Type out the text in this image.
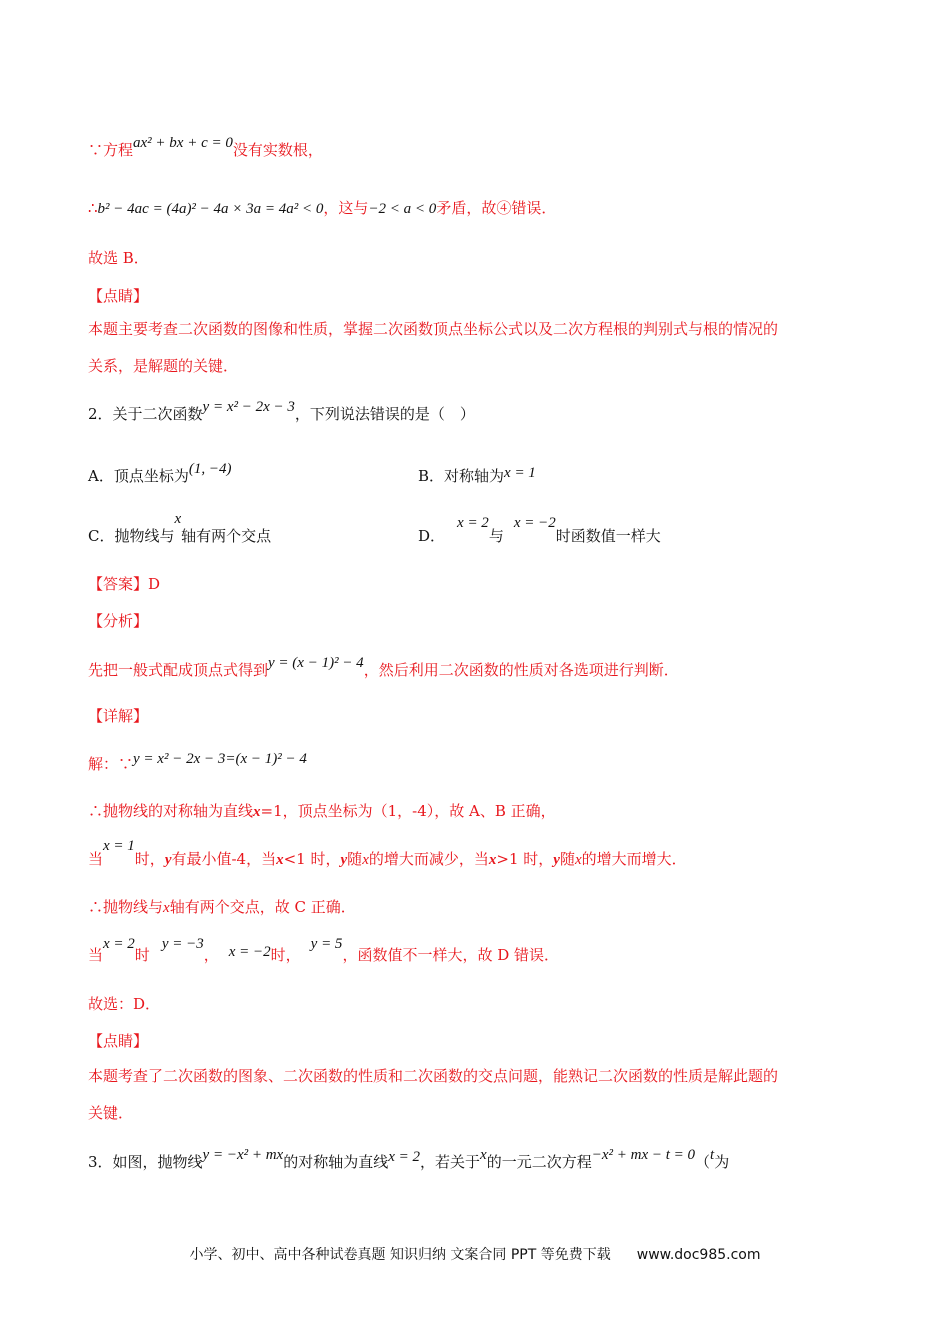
∵方程ax² + bx + c = 0没有实数根，
∴b² − 4ac = (4a)² − 4a × 3a = 4a² < 0，这与−2 < a < 0矛盾，故④错误．
故选 B．
【点睛】
本题主要考查二次函数的图像和性质，掌握二次函数顶点坐标公式以及二次方程根的判别式与根的情况的
关系，是解题的关键．
2．关于二次函数y = x² − 2x − 3，下列说法错误的是（　）
A．顶点坐标为(1, −4)	B．对称轴为x = 1
C．抛物线与x轴有两个交点	D．x = 2与x = −2时函数值一样大
【答案】D
【分析】
先把一般式配成顶点式得到y = (x − 1)² − 4，然后利用二次函数的性质对各选项进行判断．
【详解】
解：∵y = x² − 2x − 3=(x − 1)² − 4
∴抛物线的对称轴为直线x=1，顶点坐标为（1，-4），故 A、B 正确，
当x = 1时，y有最小值-4，当x<1 时，y随x的增大而减少，当x>1 时，y随x的增大而增大．
∴抛物线与x轴有两个交点，故 C 正确．
当x = 2时y = −3， x = −2时，y = 5，函数值不一样大，故 D 错误．
故选：D．
【点睛】
本题考查了二次函数的图象、二次函数的性质和二次函数的交点问题，能熟记二次函数的性质是解此题的
关键．
3．如图，抛物线y = −x² + mx的对称轴为直线x = 2，若关于x的一元二次方程−x² + mx − t = 0（t为
小学、初中、高中各种试卷真题 知识归纳 文案合同 PPT 等免费下载 www.doc985.com
